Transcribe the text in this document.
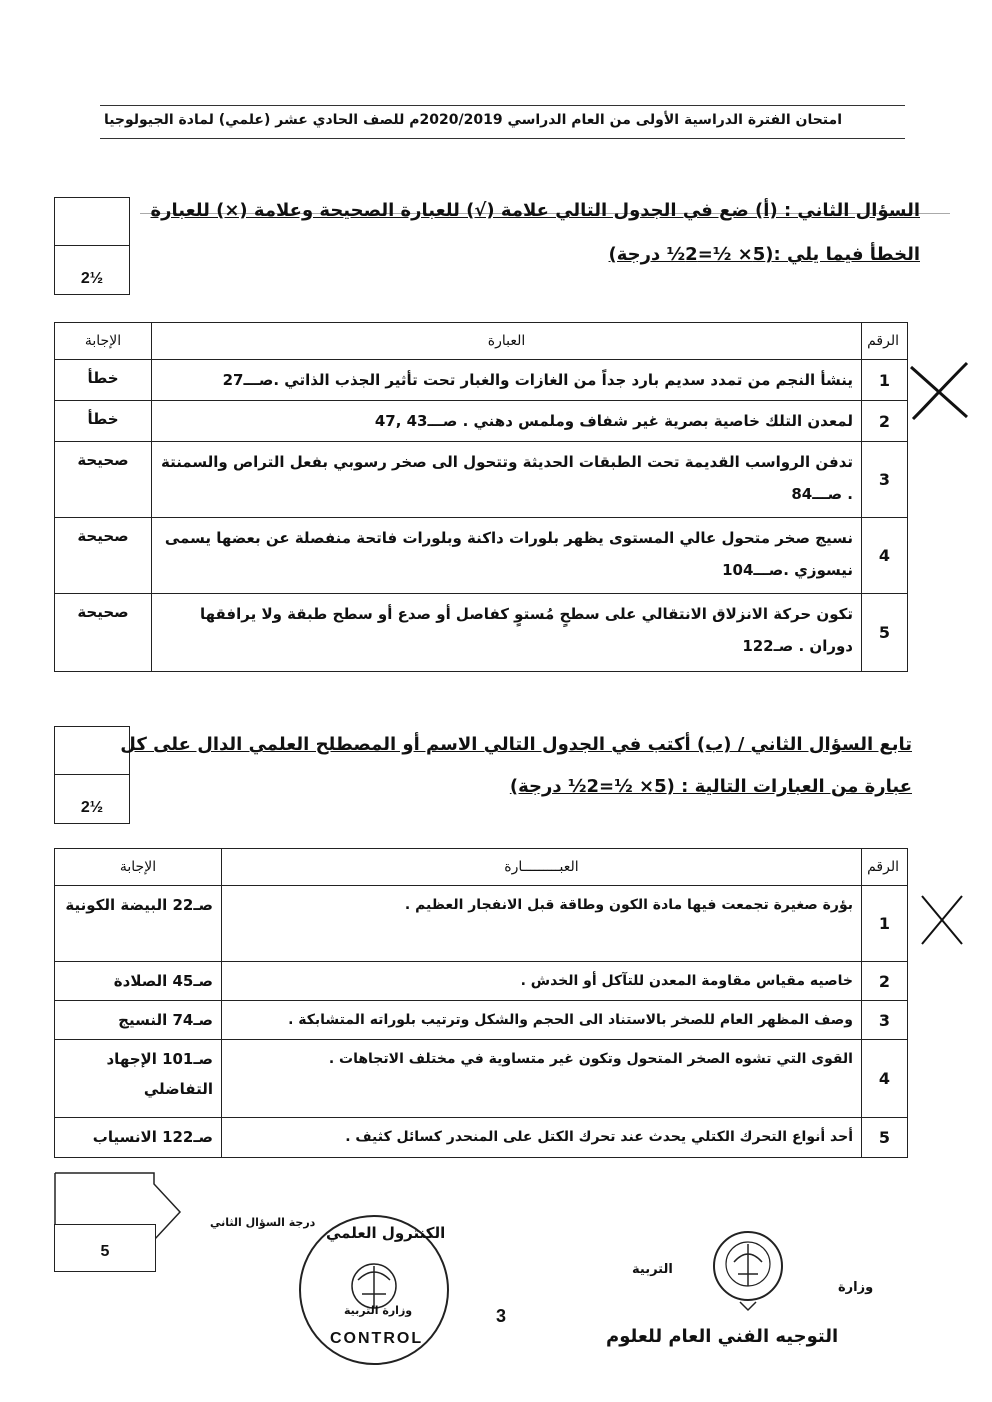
امتحان الفترة الدراسية الأولى من العام الدراسي 2020/2019م للصف الحادي عشر (علمي) لمادة الجيولوجيا
2½
السؤال الثاني : (أ) ضع في الجدول التالي علامة (√) للعبارة الصحيحة وعلامة (×) للعبارة
الخطأ فيما يلي :(5× ½=2½ درجة)
الرقم	العبارة	الإجابة
1	ينشأ النجم من تمدد سديم بارد جداً من الغازات والغبار تحت تأثير الجذب الذاتي .صـــ27	خطأ
2	لمعدن التلك خاصية بصرية غير شفاف وملمس دهني . صـــ43 ,47	خطأ
3	تدفن الرواسب القديمة تحت الطبقات الحديثة وتتحول الى صخر رسوبي بفعل التراص والسمنتة . صـــ84	صحيحة
4	نسيج صخر متحول عالي المستوى يظهر بلورات داكنة وبلورات فاتحة منفصلة عن بعضها يسمى نيسوزي .صـــ104	صحيحة
5	تكون حركة الانزلاق الانتقالي على سطحٍ مُستوٍ كفاصل أو صدع أو سطح طبقة ولا يرافقها دوران . صـ122	صحيحة
2½
تابع السؤال الثاني / (ب) أكتب في الجدول التالي الاسم أو المصطلح العلمي الدال على كل
عبارة من العبارات التالية : (5× ½=2½ درجة)
الرقم	العبـــــــــارة	الإجابة
1	بؤرة صغيرة تجمعت فيها مادة الكون وطاقة قبل الانفجار العظيم .	صـ22 البيضة الكونية
2	خاصيه مقياس مقاومة المعدن للتآكل أو الخدش .	صـ45 الصلادة
3	وصف المظهر العام للصخر بالاستناد الى الحجم والشكل وترتيب بلوراته المتشابكة .	صـ74 النسيج
4	القوى التي تشوه الصخر المتحول وتكون غير متساوية في مختلف الاتجاهات .	صـ101 الإجهاد التفاضلي
5	أحد أنواع التحرك الكتلي يحدث عند تحرك الكتل على المنحدر كسائل كثيف .	صـ122 الانسياب
5
درجة السؤال الثاني
الكنترول العلمي
وزارة التربية
CONTROL
3
التربية
وزارة
التوجيه الفني العام للعلوم
